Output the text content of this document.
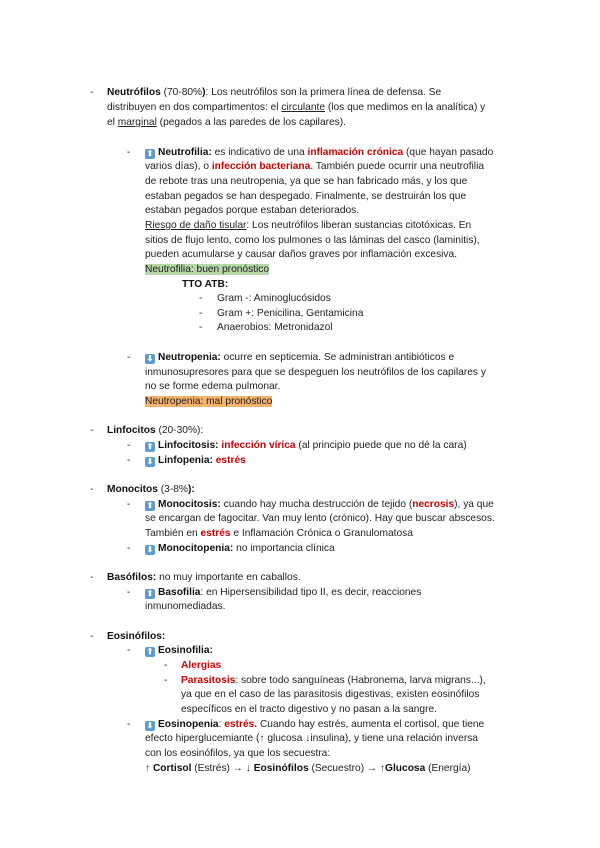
-	Neutrófilos (70-80%): Los neutrófilos son la primera línea de defensa. Se
distribuyen en dos compartimentos: el circulante (los que medimos en la analítica) y
el marginal (pegados a las paredes de los capilares).
-	⬆ Neutrofilia: es indicativo de una inflamación crónica (que hayan pasado
varios días), o infección bacteriana. También puede ocurrir una neutrofilia
de rebote tras una neutropenia, ya que se han fabricado más, y los que
estaban pegados se han despegado. Finalmente, se destruirán los que
estaban pegados porque estaban deteriorados.
Riesgo de daño tisular: Los neutrófilos liberan sustancias citotóxicas. En
sitios de flujo lento, como los pulmones o las láminas del casco (laminitis),
pueden acumularse y causar daños graves por inflamación excesiva.
Neutrofilia: buen pronóstico
TTO ATB:
-	Gram -: Aminoglucósidos
-	Gram +: Penicilina, Gentamicina
-	Anaerobios: Metronidazol
-	⬇ Neutropenia: ocurre en septicemia. Se administran antibióticos e
inmunosupresores para que se despeguen los neutrófilos de los capilares y
no se forme edema pulmonar.
Neutropenia: mal pronóstico
-	Linfocitos (20-30%):
-	⬆ Linfocitosis: infección vírica (al principio puede que no dé la cara)
-	⬇ Linfopenia: estrés
-	Monocitos (3-8%):
-	⬆ Monocitosis: cuando hay mucha destrucción de tejido (necrosis), ya que
se encargan de fagocitar. Van muy lento (crónico). Hay que buscar abscesos.
También en estrés e Inflamación Crónica o Granulomatosa
-	⬇ Monocitopenia: no importancia clínica
-	Basófilos: no muy importante en caballos.
-	⬆ Basofilia: en Hipersensibilidad tipo II, es decir, reacciones
inmunomediadas.
-	Eosinófilos:
-	⬆ Eosinofilia:
-	Alergias
-	Parasitosis: sobre todo sanguíneas (Habronema, larva migrans...),
ya que en el caso de las parasitosis digestivas, existen eosinófilos
específicos en el tracto digestivo y no pasan a la sangre.
-	⬇ Eosinopenia: estrés. Cuando hay estrés, aumenta el cortisol, que tiene
efecto hiperglucemiante (↑ glucosa ↓insulina), y tiene una relación inversa
con los eosinófilos, ya que los secuestra:
↑ Cortisol (Estrés) → ↓ Eosinófilos (Secuestro) → ↑Glucosa (Energía)
